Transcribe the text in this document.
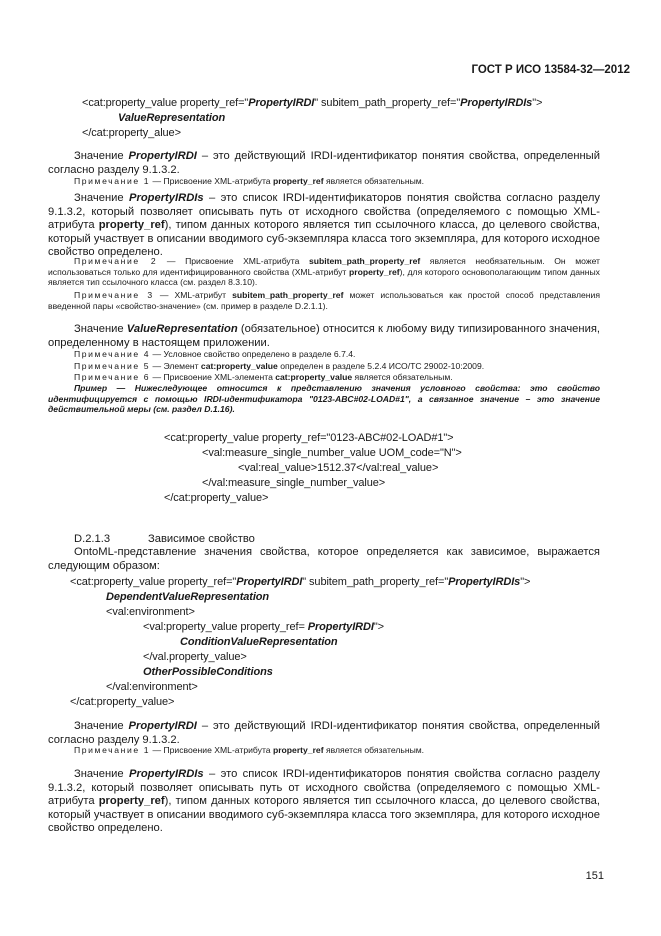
ГОСТ Р ИСО 13584-32—2012
<cat:property_value property_ref="PropertyIRDI" subitem_path_property_ref="PropertyIRDIs">
ValueRepresentation
</cat:property_alue>
Значение PropertyIRDI – это действующий IRDI-идентификатор понятия свойства, определенный согласно разделу 9.1.3.2.
Примечание 1 — Присвоение XML-атрибута property_ref является обязательным.
Значение PropertyIRDIs – это список IRDI-идентификаторов понятия свойства согласно разделу 9.1.3.2, который позволяет описывать путь от исходного свойства (определяемого с помощью XML-атрибута property_ref), типом данных которого является тип ссылочного класса, до целевого свойства, который участвует в описании вводимого суб-экземпляра класса того экземпляра, для которого исходное свойство определено.
Примечание 2 — Присвоение XML-атрибута subitem_path_property_ref является необязательным. Он может использоваться только для идентифицированного свойства (XML-атрибут property_ref), для которого основополагающим типом данных является тип ссылочного класса (см. раздел 8.3.10).
Примечание 3 — XML-атрибут subitem_path_property_ref может использоваться как простой способ представления введенной пары «свойство-значение» (см. пример в разделе D.2.1.1).
Значение ValueRepresentation (обязательное) относится к любому виду типизированного значения, определенному в настоящем приложении.
Примечание 4 — Условное свойство определено в разделе 6.7.4.
Примечание 5 — Элемент cat:property_value определен в разделе 5.2.4 ИСО/ТС 29002-10:2009.
Примечание 6 — Присвоение XML-элемента cat:property_value является обязательным.
Пример — Нижеследующее относится к представлению значения условного свойства: это свойство идентифицируется с помощью IRDI-идентификатора "0123-ABC#02-LOAD#1", а связанное значение – это значение действительной меры (см. раздел D.1.16).
<cat:property_value property_ref="0123-ABC#02-LOAD#1">
<val:measure_single_number_value UOM_code="N">
<val:real_value>1512.37</val:real_value>
</val:measure_single_number_value>
</cat:property_value>
D.2.1.3	Зависимое свойство
OntoML-представление значения свойства, которое определяется как зависимое, выражается следующим образом:
<cat:property_value property_ref="PropertyIRDI" subitem_path_property_ref="PropertyIRDIs">
DependentValueRepresentation
<val:environment>
<val:property_value property_ref= PropertyIRDI">
ConditionValueRepresentation
</val.property_value>
OtherPossibleConditions
</val:environment>
</cat:property_value>
Значение PropertyIRDI – это действующий IRDI-идентификатор понятия свойства, определенный согласно разделу 9.1.3.2.
Примечание 1 — Присвоение XML-атрибута property_ref является обязательным.
Значение PropertyIRDIs – это список IRDI-идентификаторов понятия свойства согласно разделу 9.1.3.2, который позволяет описывать путь от исходного свойства (определяемого с помощью XML-атрибута property_ref), типом данных которого является тип ссылочного класса, до целевого свойства, который участвует в описании вводимого суб-экземпляра класса того экземпляра, для которого исходное свойство определено.
151
